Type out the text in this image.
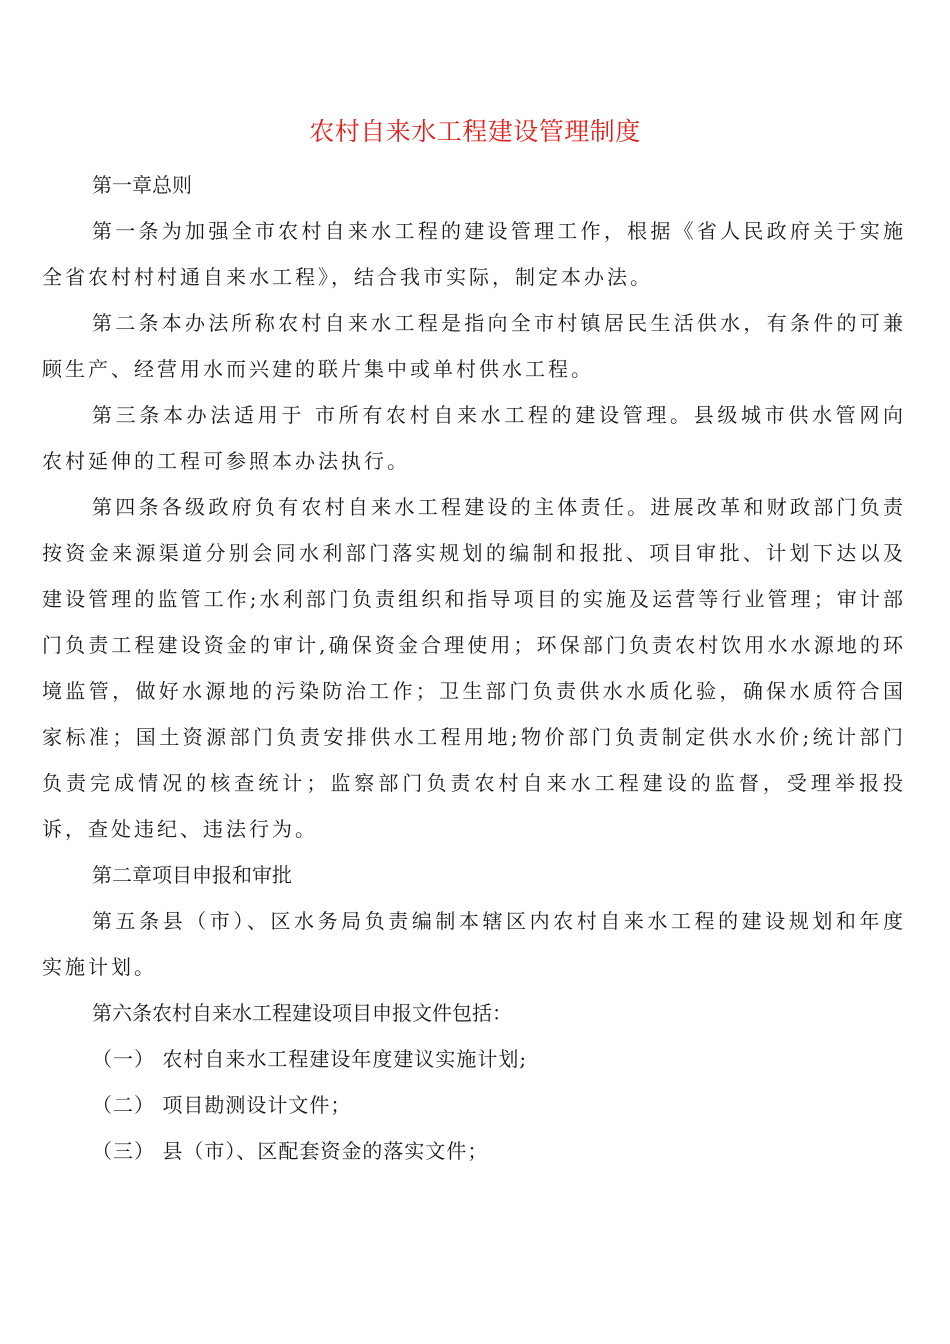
农村自来水工程建设管理制度

第一章总则

第一条为加强全市农村自来水工程的建设管理工作，根据《省人民政府关于实施全省农村村村通自来水工程》，结合我市实际，制定本办法。

第二条本办法所称农村自来水工程是指向全市村镇居民生活供水，有条件的可兼顾生产、经营用水而兴建的联片集中或单村供水工程。

第三条本办法适用于 市所有农村自来水工程的建设管理。县级城市供水管网向农村延伸的工程可参照本办法执行。

第四条各级政府负有农村自来水工程建设的主体责任。进展改革和财政部门负责按资金来源渠道分别会同水利部门落实规划的编制和报批、项目审批、计划下达以及建设管理的监管工作;水利部门负责组织和指导项目的实施及运营等行业管理；审计部门负责工程建设资金的审计,确保资金合理使用；环保部门负责农村饮用水水源地的环境监管，做好水源地的污染防治工作；卫生部门负责供水水质化验，确保水质符合国家标准；国土资源部门负责安排供水工程用地;物价部门负责制定供水水价;统计部门负责完成情况的核查统计；监察部门负责农村自来水工程建设的监督，受理举报投诉，查处违纪、违法行为。

第二章项目申报和审批

第五条县（市）、区水务局负责编制本辖区内农村自来水工程的建设规划和年度实施计划。

第六条农村自来水工程建设项目申报文件包括：

（一） 农村自来水工程建设年度建议实施计划;

（二） 项目勘测设计文件；

（三） 县（市）、区配套资金的落实文件；
